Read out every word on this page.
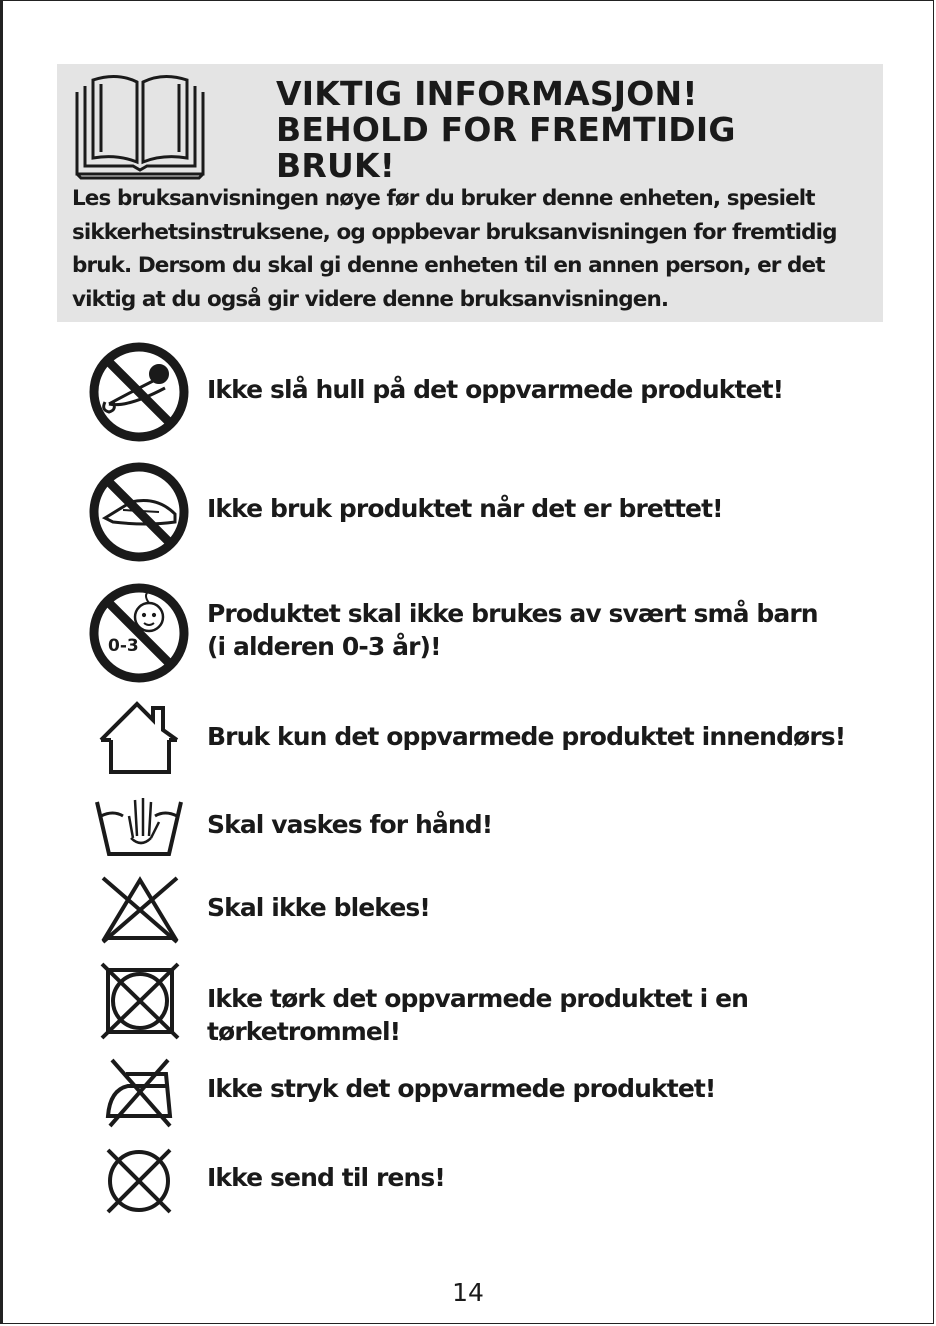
VIKTIG INFORMASJON!
BEHOLD FOR FREMTIDIG
BRUK!
Les bruksanvisningen nøye før du bruker denne enheten, spesielt sikkerhetsinstruksene, og oppbevar bruksanvisningen for fremtidig bruk. Dersom du skal gi denne enheten til en annen person, er det viktig at du også gir videre denne bruksanvisningen.
Ikke slå hull på det oppvarmede produktet!
Ikke bruk produktet når det er brettet!
0-3
Produktet skal ikke brukes av svært små barn
(i alderen 0-3 år)!
Bruk kun det oppvarmede produktet innendørs!
Skal vaskes for hånd!
Skal ikke blekes!
Ikke tørk det oppvarmede produktet i en tørketrommel!
Ikke stryk det oppvarmede produktet!
Ikke send til rens!
14
